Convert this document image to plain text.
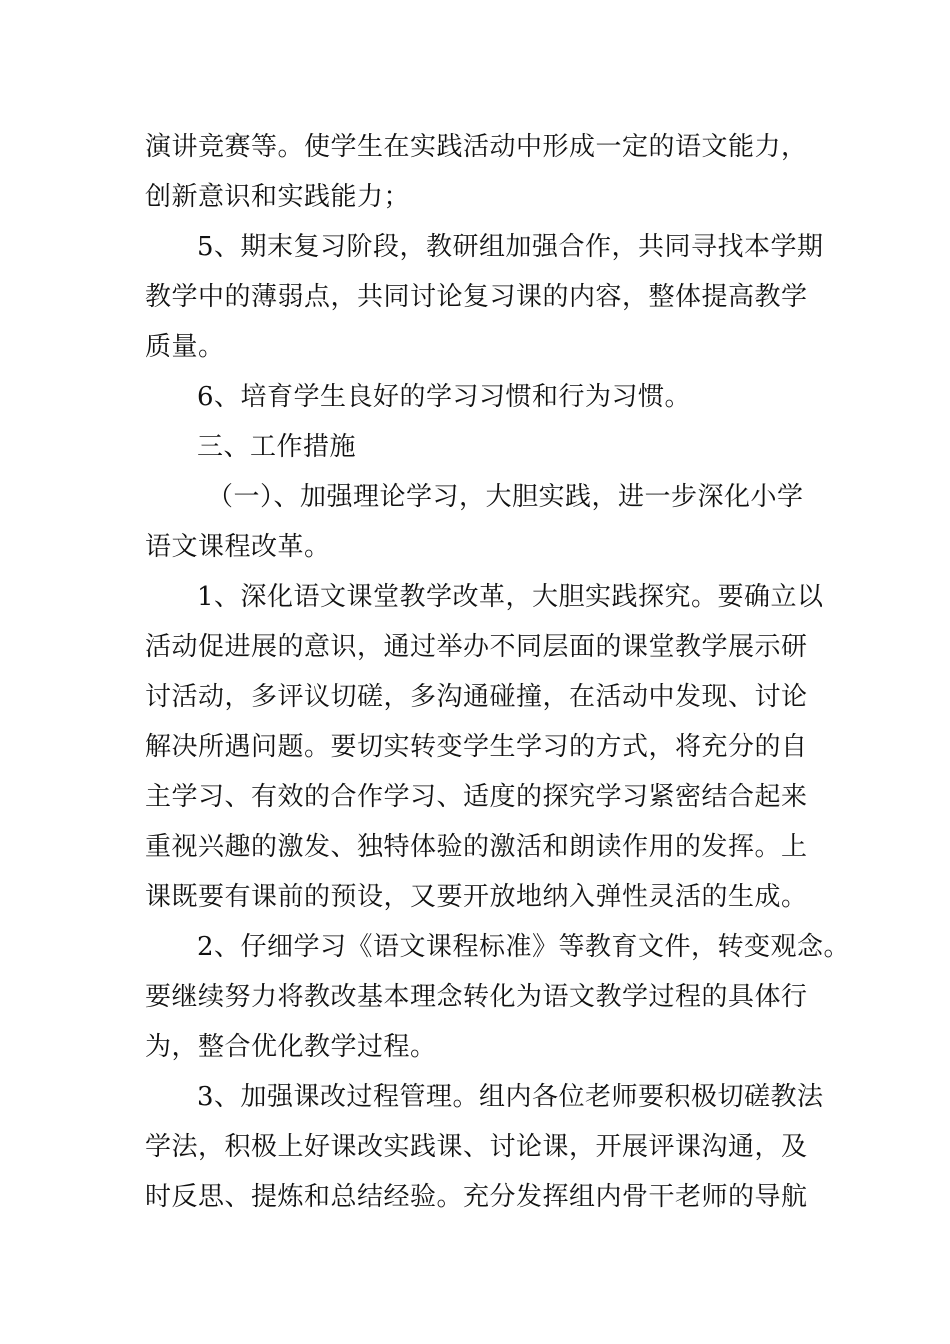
演讲竞赛等。使学生在实践活动中形成一定的语文能力，
创新意识和实践能力；
5、期末复习阶段，教研组加强合作，共同寻找本学期
教学中的薄弱点，共同讨论复习课的内容，整体提高教学
质量。
6、培育学生良好的学习习惯和行为习惯。
三、工作措施
（一）、加强理论学习，大胆实践，进一步深化小学
语文课程改革。
1、深化语文课堂教学改革，大胆实践探究。要确立以
活动促进展的意识，通过举办不同层面的课堂教学展示研
讨活动，多评议切磋，多沟通碰撞，在活动中发现、讨论
解决所遇问题。要切实转变学生学习的方式，将充分的自
主学习、有效的合作学习、适度的探究学习紧密结合起来
重视兴趣的激发、独特体验的激活和朗读作用的发挥。上
课既要有课前的预设，又要开放地纳入弹性灵活的生成。
2、仔细学习《语文课程标准》等教育文件，转变观念。
要继续努力将教改基本理念转化为语文教学过程的具体行
为，整合优化教学过程。
3、加强课改过程管理。组内各位老师要积极切磋教法
学法，积极上好课改实践课、讨论课，开展评课沟通，及
时反思、提炼和总结经验。充分发挥组内骨干老师的导航
